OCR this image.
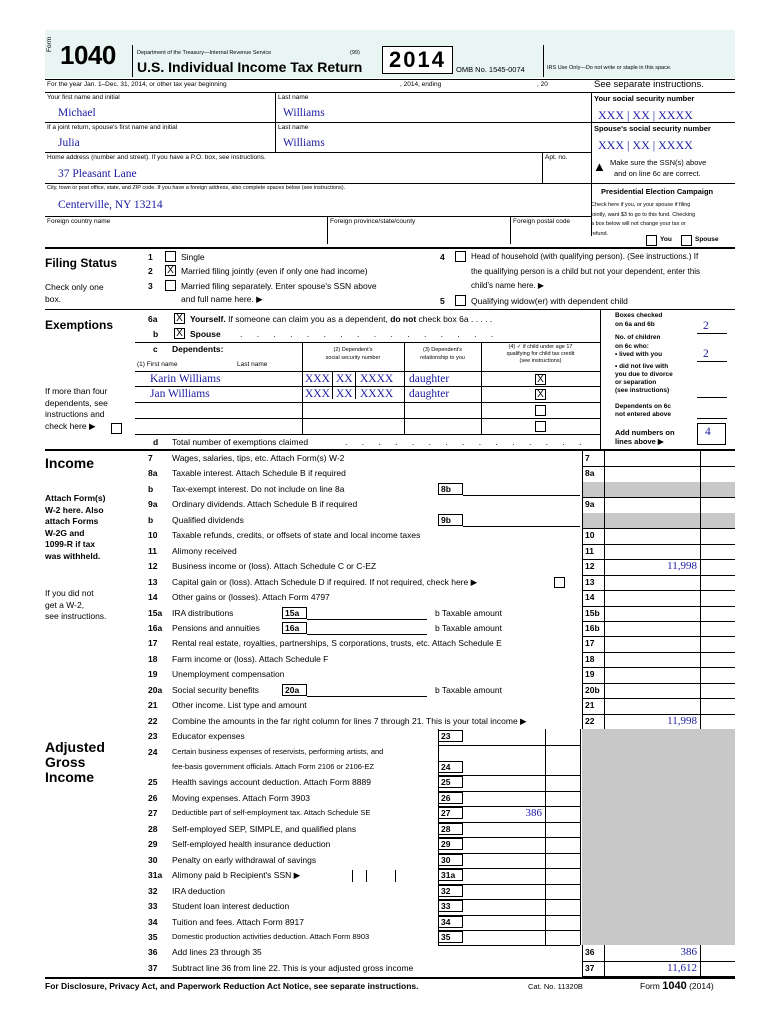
Form 1040	Department of the Treasury—Internal Revenue Service	(99)
U.S. Individual Income Tax Return	2014	OMB No. 1545-0074	IRS Use Only—Do not write or staple in this space.
For the year Jan. 1–Dec. 31, 2014, or other tax year beginning	, 2014, ending	, 20	See separate instructions.
Your first name and initial
Michael
Last name
Williams
Your social security number
XXX | XX | XXXX
If a joint return, spouse's first name and initial
Julia
Last name
Williams
Spouse's social security number
XXX | XX | XXXX
Home address (number and street). If you have a P.O. box, see instructions.
37 Pleasant Lane
Apt. no.
▲ Make sure the SSN(s) above
and on line 6c are correct.
City, town or post office, state, and ZIP code. If you have a foreign address, also complete spaces below (see instructions).
Centerville, NY 13214
Presidential Election Campaign
Foreign country name	Foreign province/state/county	Foreign postal code
Check here if you, or your spouse if filing
jointly, want $3 to go to this fund. Checking
a box below will not change your tax or
refund.
You	Spouse
Filing Status
Check only one
box.
1	Single
2 X Married filing jointly (even if only one had income)
3	Married filing separately. Enter spouse's SSN above
and full name here. ▶
4	Head of household (with qualifying person). (See instructions.) If
the qualifying person is a child but not your dependent, enter this
child's name here. ▶
5	Qualifying widow(er) with dependent child
Exemptions	6a X Yourself. If someone can claim you as a dependent, do not check box 6a . . . . .
b X Spouse . . . . . . . . . . . . . . . .
Boxes checked
on 6a and 6b	2
No. of children
on 6c who:
• lived with you	2
• did not live with
you due to divorce
or separation
(see instructions)
Dependents on 6c
not entered above
Add numbers on
lines above ▶
4
c Dependents:
(1) First name	Last name
(2) Dependent's
social security number
(3) Dependent's
relationship to you
(4) ✓ if child under age 17
qualifying for child tax credit
(see instructions)
Karin Williams	XXX XX XXXX daughter	X
Jan Williams	XXX XX XXXX daughter	X
If more than four
dependents, see
instructions and
check here ▶
d Total number of exemptions claimed	. . . . . . . . . . . . . . .
Income
Attach Form(s)
W-2 here. Also
attach Forms
W-2G and
1099-R if tax
was withheld.
If you did not
get a W-2,
see instructions.
Adjusted
Gross
Income
7 Wages, salaries, tips, etc. Attach Form(s) W-2	7
8a Taxable interest. Attach Schedule B if required	8a
b Tax-exempt interest. Do not include on line 8a	8b
9a Ordinary dividends. Attach Schedule B if required	9a
b Qualified dividends	9b
10 Taxable refunds, credits, or offsets of state and local income taxes	10
11 Alimony received	11
12 Business income or (loss). Attach Schedule C or C-EZ	12	11,998
13 Capital gain or (loss). Attach Schedule D if required. If not required, check here ▶	13
14 Other gains or (losses). Attach Form 4797	14
15a IRA distributions	15a	b Taxable amount	15b
16a Pensions and annuities	16a	b Taxable amount	16b
17 Rental real estate, royalties, partnerships, S corporations, trusts, etc. Attach Schedule E	17
18 Farm income or (loss). Attach Schedule F	18
19 Unemployment compensation	19
20a Social security benefits	20a	b Taxable amount	20b
21 Other income. List type and amount	21
22 Combine the amounts in the far right column for lines 7 through 21. This is your total income ▶	22	11,998
23 Educator expenses	23
24 Certain business expenses of reservists, performing artists, and
fee-basis government officials. Attach Form 2106 or 2106-EZ	24
25 Health savings account deduction. Attach Form 8889	25
26 Moving expenses. Attach Form 3903	26
27 Deductible part of self-employment tax. Attach Schedule SE	27	386
28 Self-employed SEP, SIMPLE, and qualified plans	28
29 Self-employed health insurance deduction	29
30 Penalty on early withdrawal of savings	30
31a Alimony paid b Recipient's SSN ▶	31a
32 IRA deduction	32
33 Student loan interest deduction	33
34 Tuition and fees. Attach Form 8917	34
35 Domestic production activities deduction. Attach Form 8903	35
36 Add lines 23 through 35	36	386
37 Subtract line 36 from line 22. This is your adjusted gross income	37	11,612
For Disclosure, Privacy Act, and Paperwork Reduction Act Notice, see separate instructions.	Cat. No. 11320B	Form 1040 (2014)
